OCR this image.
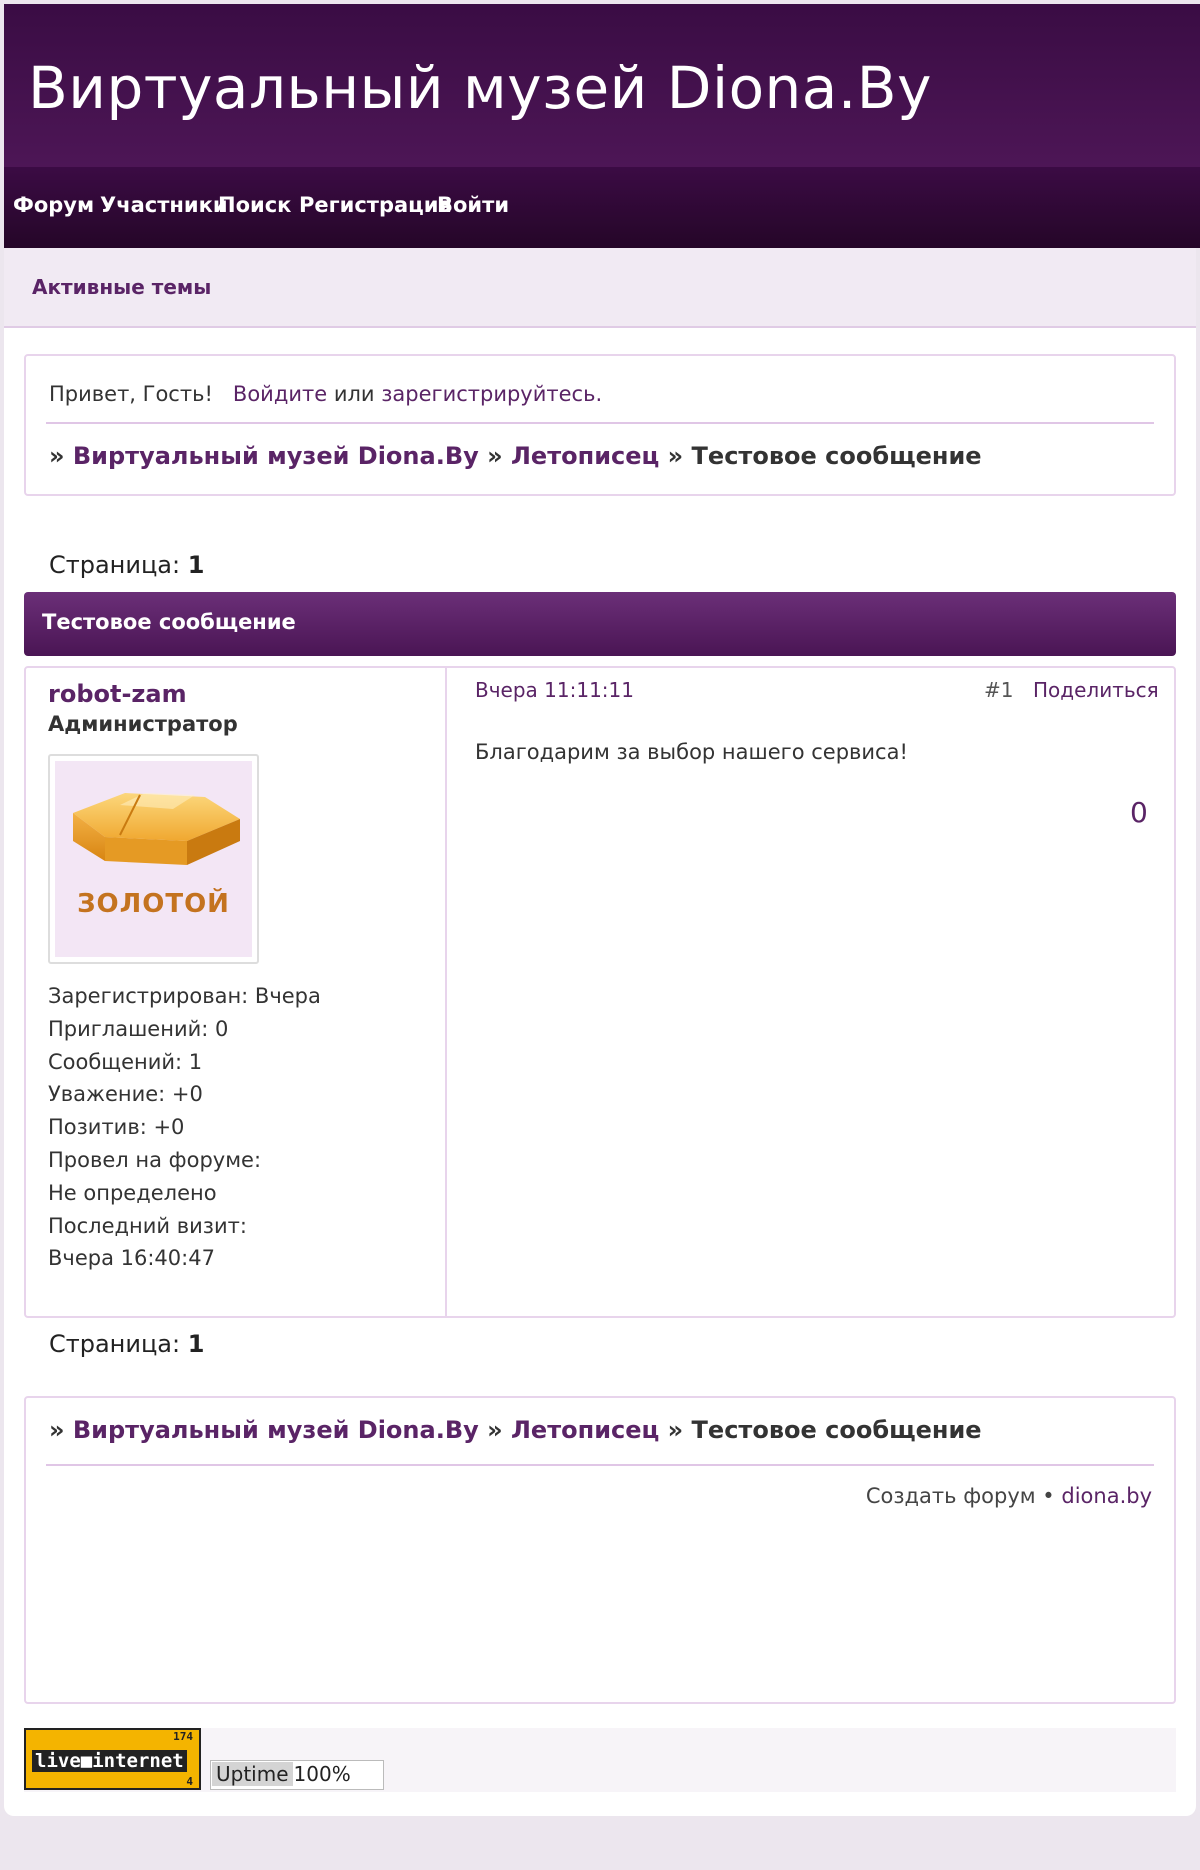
Виртуальный музей Diona.By
Форум Участники
Поиск Регистрация
Войти
Активные темы
Привет, Гость! Войдите или зарегистрируйтесь.
» Виртуальный музей Diona.By » Летописец » Тестовое сообщение
Страница: 1
Тестовое сообщение
robot-zam
Администратор
ЗОЛОТОЙ
Зарегистрирован: Вчера
Приглашений: 0
Сообщений: 1
Уважение: +0
Позитив: +0
Провел на форуме:
Не определено
Последний визит:
Вчера 16:40:47
Вчера 11:11:11	#1 Поделиться
Благодарим за выбор нашего сервиса!
0
Страница: 1
» Виртуальный музей Diona.By » Летописец » Тестовое сообщение
Создать форум • diona.by
174
live■internet
4	Uptime 100%
